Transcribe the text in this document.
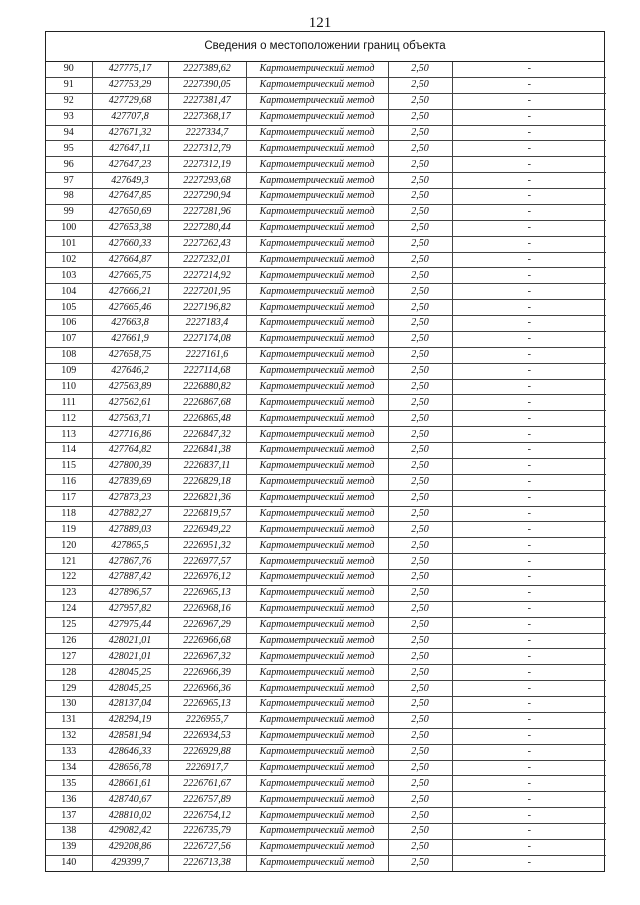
121
Сведения о местоположении границ объекта
90	427775,17	2227389,62	Картометрический метод	2,50	-
91	427753,29	2227390,05	Картометрический метод	2,50	-
92	427729,68	2227381,47	Картометрический метод	2,50	-
93	427707,8	2227368,17	Картометрический метод	2,50	-
94	427671,32	2227334,7	Картометрический метод	2,50	-
95	427647,11	2227312,79	Картометрический метод	2,50	-
96	427647,23	2227312,19	Картометрический метод	2,50	-
97	427649,3	2227293,68	Картометрический метод	2,50	-
98	427647,85	2227290,94	Картометрический метод	2,50	-
99	427650,69	2227281,96	Картометрический метод	2,50	-
100	427653,38	2227280,44	Картометрический метод	2,50	-
101	427660,33	2227262,43	Картометрический метод	2,50	-
102	427664,87	2227232,01	Картометрический метод	2,50	-
103	427665,75	2227214,92	Картометрический метод	2,50	-
104	427666,21	2227201,95	Картометрический метод	2,50	-
105	427665,46	2227196,82	Картометрический метод	2,50	-
106	427663,8	2227183,4	Картометрический метод	2,50	-
107	427661,9	2227174,08	Картометрический метод	2,50	-
108	427658,75	2227161,6	Картометрический метод	2,50	-
109	427646,2	2227114,68	Картометрический метод	2,50	-
110	427563,89	2226880,82	Картометрический метод	2,50	-
111	427562,61	2226867,68	Картометрический метод	2,50	-
112	427563,71	2226865,48	Картометрический метод	2,50	-
113	427716,86	2226847,32	Картометрический метод	2,50	-
114	427764,82	2226841,38	Картометрический метод	2,50	-
115	427800,39	2226837,11	Картометрический метод	2,50	-
116	427839,69	2226829,18	Картометрический метод	2,50	-
117	427873,23	2226821,36	Картометрический метод	2,50	-
118	427882,27	2226819,57	Картометрический метод	2,50	-
119	427889,03	2226949,22	Картометрический метод	2,50	-
120	427865,5	2226951,32	Картометрический метод	2,50	-
121	427867,76	2226977,57	Картометрический метод	2,50	-
122	427887,42	2226976,12	Картометрический метод	2,50	-
123	427896,57	2226965,13	Картометрический метод	2,50	-
124	427957,82	2226968,16	Картометрический метод	2,50	-
125	427975,44	2226967,29	Картометрический метод	2,50	-
126	428021,01	2226966,68	Картометрический метод	2,50	-
127	428021,01	2226967,32	Картометрический метод	2,50	-
128	428045,25	2226966,39	Картометрический метод	2,50	-
129	428045,25	2226966,36	Картометрический метод	2,50	-
130	428137,04	2226965,13	Картометрический метод	2,50	-
131	428294,19	2226955,7	Картометрический метод	2,50	-
132	428581,94	2226934,53	Картометрический метод	2,50	-
133	428646,33	2226929,88	Картометрический метод	2,50	-
134	428656,78	2226917,7	Картометрический метод	2,50	-
135	428661,61	2226761,67	Картометрический метод	2,50	-
136	428740,67	2226757,89	Картометрический метод	2,50	-
137	428810,02	2226754,12	Картометрический метод	2,50	-
138	429082,42	2226735,79	Картометрический метод	2,50	-
139	429208,86	2226727,56	Картометрический метод	2,50	-
140	429399,7	2226713,38	Картометрический метод	2,50	-
